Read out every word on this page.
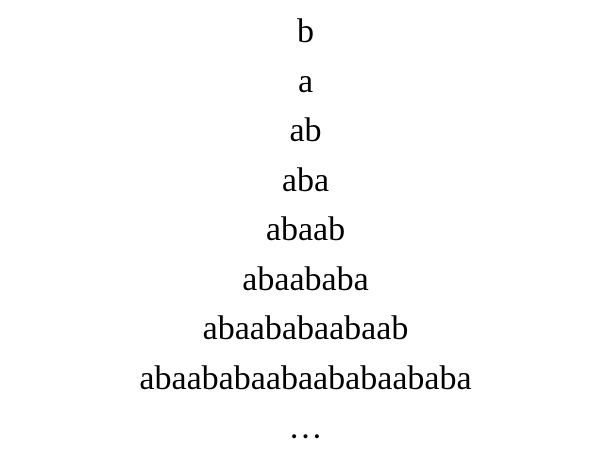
b
a
ab
aba
abaab
abaababa
abaababaabaab
abaababaabaababaababa
…
